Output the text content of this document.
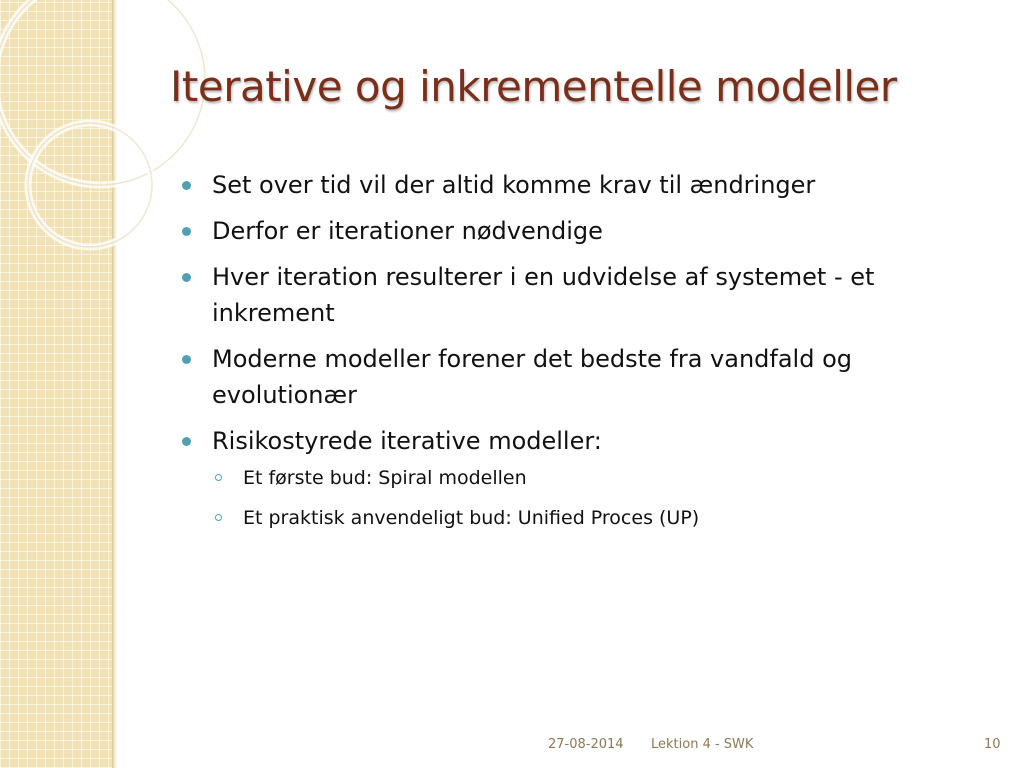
Iterative og inkrementelle modeller
Set over tid vil der altid komme krav til ændringer
Derfor er iterationer nødvendige
Hver iteration resulterer i en udvidelse af systemet - et inkrement
Moderne modeller forener det bedste fra vandfald og evolutionær
Risikostyrede iterative modeller:
Et første bud: Spiral modellen
Et praktisk anvendeligt bud: Unified Proces (UP)
27-08-2014 Lektion 4 - SWK	10
